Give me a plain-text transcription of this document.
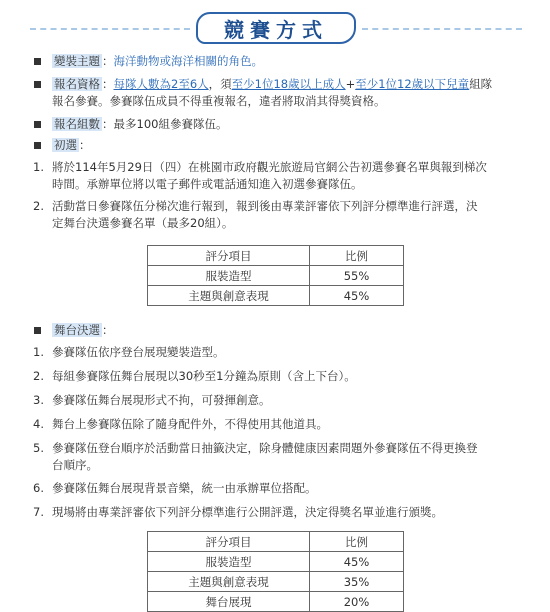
競賽方式
變裝主題 ：海洋動物或海洋相關的角色。
報名資格 ：每隊人數為2至6人，須至少1位18歲以上成人+至少1位12歲以下兒童組隊
報名參賽。參賽隊伍成員不得重複報名，違者將取消其得獎資格。
報名組數 ：最多100組參賽隊伍。
初選 ：
1. 將於114年5月29日（四）在桃園市政府觀光旅遊局官網公告初選參賽名單與報到梯次
時間。承辦單位將以電子郵件或電話通知進入初選參賽隊伍。
2. 活動當日參賽隊伍分梯次進行報到，報到後由專業評審依下列評分標準進行評選，決
定舞台決選參賽名單（最多20組）。
評分項目	比例
服裝造型	55%
主題與創意表現	45%
舞台決選 ：
1. 參賽隊伍依序登台展現變裝造型。
2. 每組參賽隊伍舞台展現以30秒至1分鐘為原則（含上下台）。
3. 參賽隊伍舞台展現形式不拘，可發揮創意。
4. 舞台上參賽隊伍除了隨身配件外，不得使用其他道具。
5. 參賽隊伍登台順序於活動當日抽籤決定，除身體健康因素問題外參賽隊伍不得更換登
台順序。
6. 參賽隊伍舞台展現背景音樂，統一由承辦單位搭配。
7. 現場將由專業評審依下列評分標準進行公開評選，決定得獎名單並進行頒獎。
評分項目	比例
服裝造型	45%
主題與創意表現	35%
舞台展現	20%
